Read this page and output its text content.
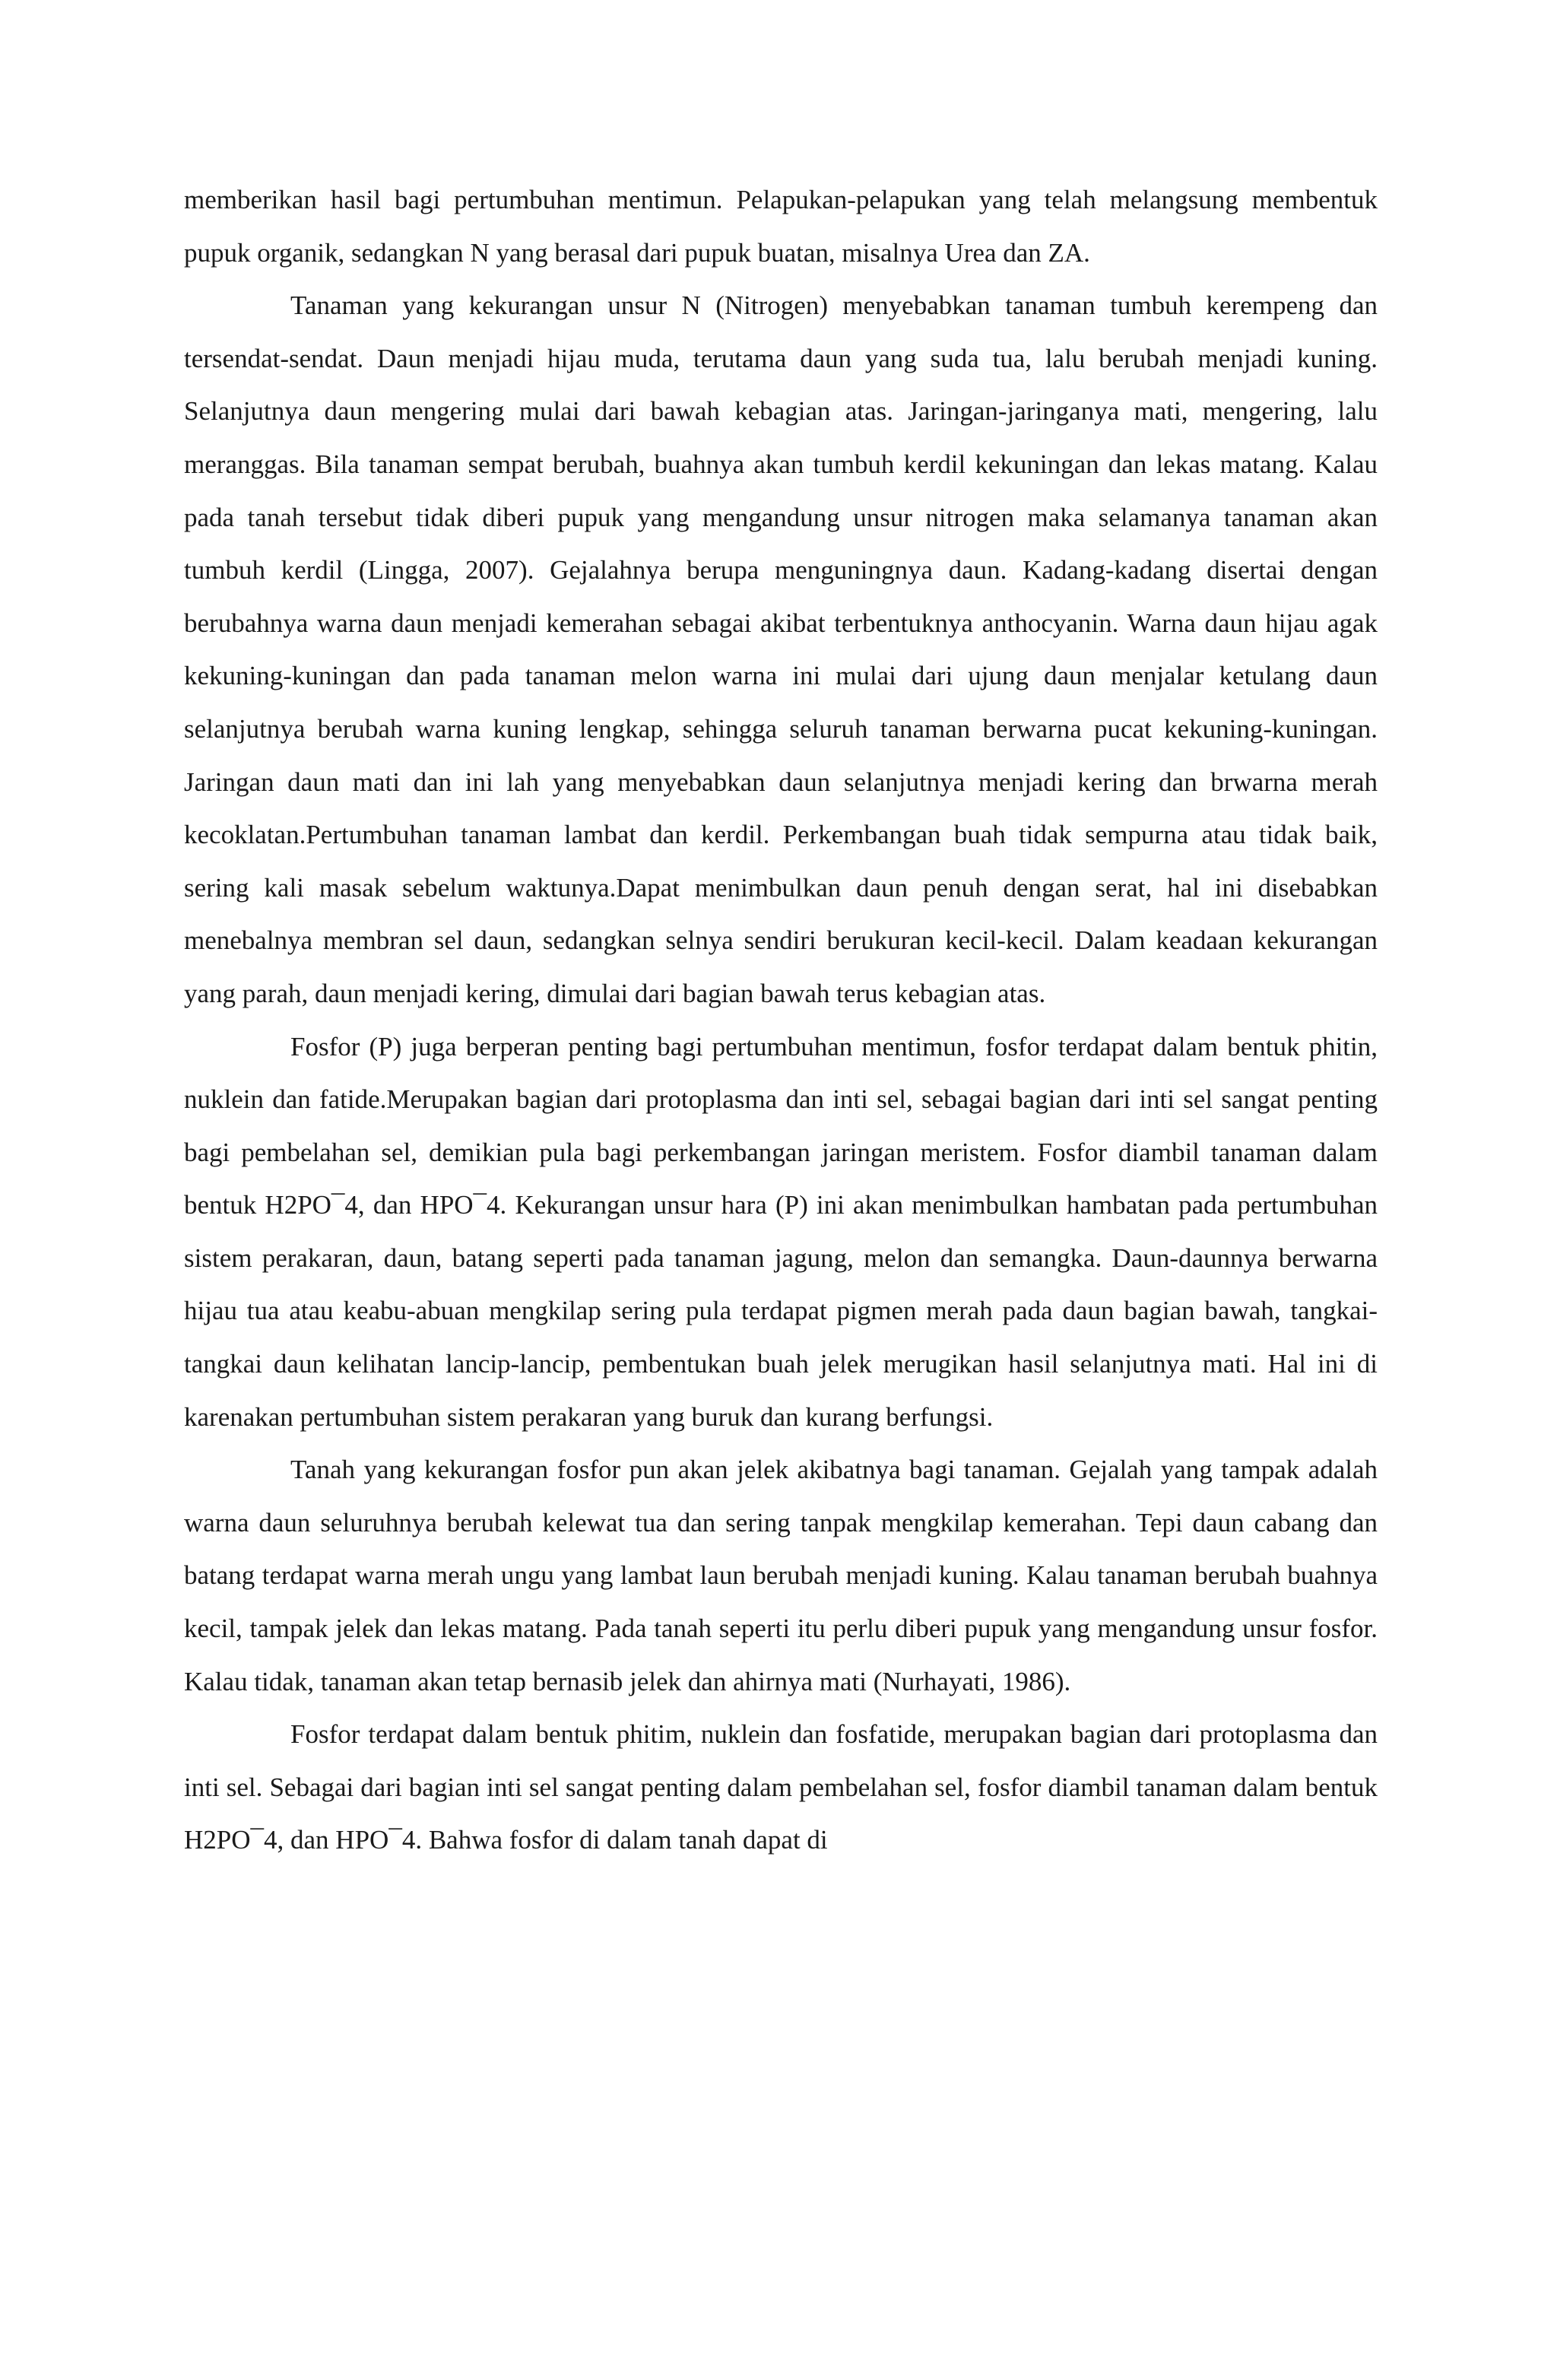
memberikan hasil bagi pertumbuhan mentimun. Pelapukan-pelapukan yang telah melangsung membentuk pupuk organik, sedangkan N yang berasal dari pupuk buatan, misalnya Urea dan ZA.

Tanaman yang kekurangan unsur N (Nitrogen) menyebabkan tanaman tumbuh kerempeng dan tersendat-sendat. Daun menjadi hijau muda, terutama daun yang suda tua, lalu berubah menjadi kuning. Selanjutnya daun mengering mulai dari bawah kebagian atas. Jaringan-jaringanya mati, mengering, lalu meranggas. Bila tanaman sempat berubah, buahnya akan tumbuh kerdil kekuningan dan lekas matang. Kalau pada tanah tersebut tidak diberi pupuk yang mengandung unsur nitrogen maka selamanya tanaman akan tumbuh kerdil (Lingga, 2007). Gejalahnya berupa menguningnya daun. Kadang-kadang disertai dengan berubahnya warna daun menjadi kemerahan sebagai akibat terbentuknya anthocyanin. Warna daun hijau agak kekuning-kuningan dan pada tanaman melon warna ini mulai dari ujung daun menjalar ketulang daun selanjutnya berubah warna kuning lengkap, sehingga seluruh tanaman berwarna pucat kekuning-kuningan. Jaringan daun mati dan ini lah yang menyebabkan daun selanjutnya menjadi kering dan brwarna merah kecoklatan.Pertumbuhan tanaman lambat dan kerdil. Perkembangan buah tidak sempurna atau tidak baik, sering kali masak sebelum waktunya.Dapat menimbulkan daun penuh dengan serat, hal ini disebabkan menebalnya membran sel daun, sedangkan selnya sendiri berukuran kecil-kecil. Dalam keadaan kekurangan yang parah, daun menjadi kering, dimulai dari bagian bawah terus kebagian atas.

Fosfor (P) juga berperan penting bagi pertumbuhan mentimun, fosfor terdapat dalam bentuk phitin, nuklein dan fatide.Merupakan bagian dari protoplasma dan inti sel, sebagai bagian dari inti sel sangat penting bagi pembelahan sel, demikian pula bagi perkembangan jaringan meristem. Fosfor diambil tanaman dalam bentuk H2PO¯4, dan HPO¯4. Kekurangan unsur hara (P) ini akan menimbulkan hambatan pada pertumbuhan sistem perakaran, daun, batang seperti pada tanaman jagung, melon dan semangka. Daun-daunnya berwarna hijau tua atau keabu-abuan mengkilap sering pula terdapat pigmen merah pada daun bagian bawah, tangkai-tangkai daun kelihatan lancip-lancip, pembentukan buah jelek merugikan hasil selanjutnya mati. Hal ini di karenakan pertumbuhan sistem perakaran yang buruk dan kurang berfungsi.

Tanah yang kekurangan fosfor pun akan jelek akibatnya bagi tanaman. Gejalah yang tampak adalah warna daun seluruhnya berubah kelewat tua dan sering tanpak mengkilap kemerahan. Tepi daun cabang dan batang terdapat warna merah ungu yang lambat laun berubah menjadi kuning. Kalau tanaman berubah buahnya kecil, tampak jelek dan lekas matang. Pada tanah seperti itu perlu diberi pupuk yang mengandung unsur fosfor. Kalau tidak, tanaman akan tetap bernasib jelek dan ahirnya mati (Nurhayati, 1986).

Fosfor terdapat dalam bentuk phitim, nuklein dan fosfatide, merupakan bagian dari protoplasma dan inti sel. Sebagai dari bagian inti sel sangat penting dalam pembelahan sel, fosfor diambil tanaman dalam bentuk H2PO¯4, dan HPO¯4. Bahwa fosfor di dalam tanah dapat di
